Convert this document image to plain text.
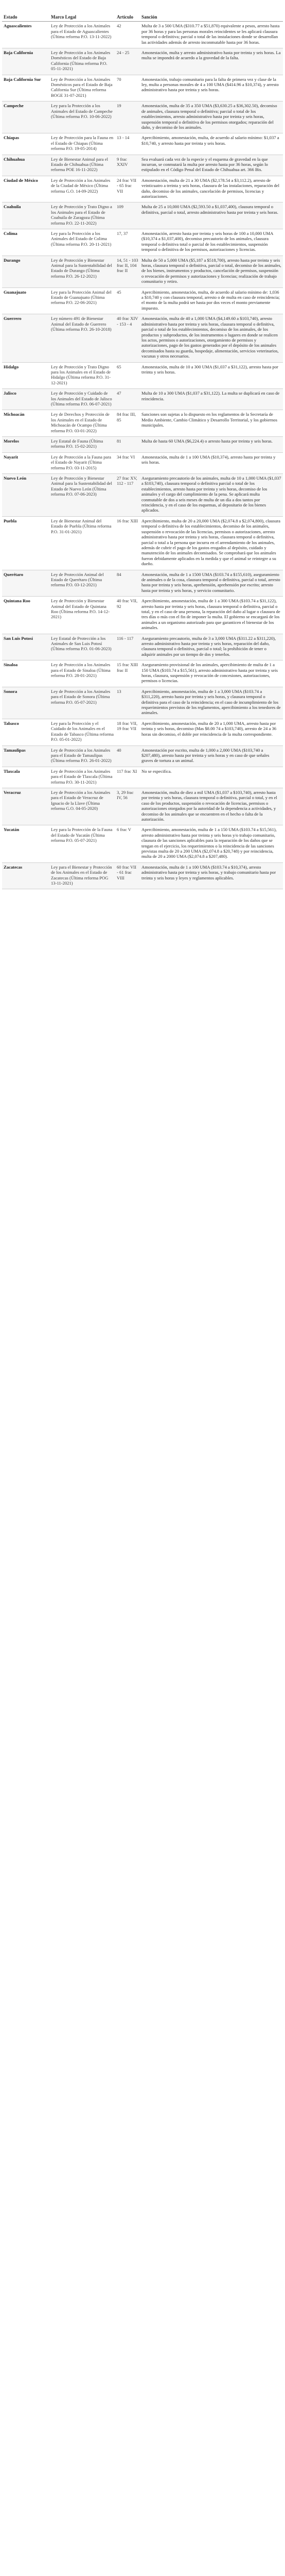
Estado	Marco Legal	Artículo	Sanción
Aguascalientes	Ley de Protección a los Animales para el Estado de Aguascalientes (Última reforma P.O. 13-11-2022)	42	Multa de 3 a 500 UMA ($310.77 a $51,870) equivalente a pesos, arresto hasta por 36 horas y para las personas morales reincidentes se les aplicará clausura temporal o definitiva; parcial o total de las instalaciones donde se desarrollan las actividades además de arresto inconmutable hasta por 36 horas.
Baja California	Ley de Protección a los Animales Domésticos del Estado de Baja California (Última reforma P.O. 05-11-2021)	24 - 25	Amonestación, multa y arresto administrativo hasta por treinta y seis horas. La multa se impondrá de acuerdo a la gravedad de la falta.
Baja California Sur	Ley de Protección a los Animales Domésticos para el Estado de Baja California Sur (Última reforma BOGE 31-07-2021)	70	Amonestación, trabajo comunitario para la falta de primera vez y clase de la ley, multa a personas morales de 4 a 100 UMA ($414.96 a $10,374), y arresto administrativo hasta por treinta y seis horas.
Campeche	Ley para la Protección a los Animales del Estado de Campeche (Última reforma P.O. 10-06-2022)	19	Amonestación, multa de 35 a 350 UMA ($3,630.25 a $36,302.50), decomiso de animales, clausura temporal o definitiva; parcial o total de los establecimientos, arresto administrativo hasta por treinta y seis horas, suspensión temporal o definitiva de los permisos otorgados; reparación del daño, y decomiso de los animales.
Chiapas	Ley de Protección para la Fauna en el Estado de Chiapas (Última reforma P.O. 19-05-2014)	13 - 14	Apercibimiento, amonestación, multa, de acuerdo al salario mínimo: $1,037 a $10,740, y arresto hasta por treinta y seis horas.
Chihuahua	Ley de Bienestar Animal para el Estado de Chihuahua (Última reforma POE 16-11-2022)	9 frac XXIV	Sea evaluará cada vez de la especie y el esquema de gravedad en la que incurran, se conmutará la multa por arresto hasta por 36 horas, según lo estipulado en el Código Penal del Estado de Chihuahua art. 366 Bis.
Ciudad de México	Ley de Protección a los Animales de la Ciudad de México (Última reforma G.O. 14-09-2022)	24 frac VII - 65 frac VII	Amonestación, multa de 21 a 30 UMA ($2,178.54 a $3,112.2), arresto de veinticuatro a treinta y seis horas, clausura de las instalaciones, reparación del daño, decomiso de los animales, cancelación de permisos, licencias y autorizaciones.
Coahuila	Ley de Protección y Trato Digno a los Animales para el Estado de Coahuila de Zaragoza (Última reforma P.O. 22-11-2022)	109	Multa de 25 a 10,000 UMA ($2,593.50 a $1,037,400), clausura temporal o definitiva, parcial o total, arresto administrativo hasta por treinta y seis horas.
Colima	Ley para la Protección a los Animales del Estado de Colima (Última reforma P.O. 20-11-2021)	17, 37	Amonestación, arresto hasta por treinta y seis horas de 100 a 10,000 UMA ($10,374 a $1,037,400), decomiso precautorio de los animales, clausura temporal o definitiva total o parcial de los establecimientos, suspensión temporal o definitiva de los permisos, autorizaciones y licencias.
Durango	Ley de Protección y Bienestar Animal para la Sustentabilidad del Estado de Durango (Última reforma P.O. 26-12-2021)	14, 51 - 103 frac II, 104 frac II	Multa de 50 a 5,000 UMA ($5,187 a $518,700), arresto hasta por treinta y seis horas, clausura temporal o definitiva, parcial o total, decomiso de los animales, de los bienes, instrumentos y productos, cancelación de permisos, suspensión o revocación de permisos y autorizaciones y licencias; realización de trabajo comunitario y retiro.
Guanajuato	Ley para la Protección Animal del Estado de Guanajuato (Última reforma P.O. 22-06-2021)	45	Apercibimiento, amonestación, multa, de acuerdo al salario mínimo de: 1,036 a $10,740 y con clausura temporal, arresto o de multa en caso de reincidencia; el monto de la multa podrá ser hasta por dos veces el monto previamente impuesto.
Guerrero	Ley número 491 de Bienestar Animal del Estado de Guerrero (Última reforma P.O. 26-10-2018)	40 frac XIV - 153 - 4	Amonestación, multa de 40 a 1,000 UMA ($4,149.60 a $103,740), arresto administrativo hasta por treinta y seis horas, clausura temporal o definitiva, parcial o total de los establecimientos, decomiso de los animales, de los productos y subproductos, de los instrumentos o lugares en donde se realicen los actos, permisos o autorizaciones, otorgamiento de permisos y autorizaciones, pago de los gastos generados por el depósito de los animales decomisados hasta su guarda, hospedaje, alimentación, servicios veterinarios, vacunas y otros necesarios.
Hidalgo	Ley de Protección y Trato Digno para los Animales en el Estado de Hidalgo (Última reforma P.O. 31-12-2021)	65	Amonestación, multa de 10 a 300 UMA ($1,037 a $31,122), arresto hasta por treinta y seis horas.
Jalisco	Ley de Protección y Cuidado de los Animales del Estado de Jalisco (Última reforma P.O. 06-07-2021)	47	Multa de 10 a 300 UMA ($1,037 a $31,122). La multa se duplicará en caso de reincidencia.
Michoacán	Ley de Derechos y Protección de los Animales en el Estado de Michoacán de Ocampo (Última reforma P.O. 03-01-2022)	84 frac III, 85	Sanciones son sujetas a lo dispuesto en los reglamentos de la Secretaría de Medio Ambiente, Cambio Climático y Desarrollo Territorial, y los gobiernos municipales.
Morelos	Ley Estatal de Fauna (Última reforma P.O. 15-02-2021)	81	Multa de hasta 60 UMA ($6,224.4) o arresto hasta por treinta y seis horas.
Nayarit	Ley de Protección a la Fauna para el Estado de Nayarit (Última reforma P.O. 03-11-2015)	34 frac VI	Amonestación, multa de 1 a 100 UMA ($10,374), arresto hasta por treinta y seis horas.
Nuevo León	Ley de Protección y Bienestar Animal para la Sustentabilidad del Estado de Nuevo León (Última reforma P.O. 07-06-2023)	27 frac XV, 112 - 117	Aseguramiento precautorio de los animales, multa de 10 a 1,000 UMA ($1,037 a $103,740), clausura temporal o definitiva parcial o total de los establecimientos, arresto hasta por treinta y seis horas, decomiso de los animales y el cargo del cumplimiento de la pena. Se aplicará multa conmutable de dos a seis meses de multa de un día a dos tantos por reincidencia, y en el caso de los esquemas, al depositario de los bienes aplicados.
Puebla	Ley de Bienestar Animal del Estado de Puebla (Última reforma P.O. 31-01-2021)	16 frac XIII	Apercibimiento, multa de 20 a 20,000 UMA ($2,074.8 a $2,074,800), clausura temporal o definitiva de los establecimientos, decomiso de los animales, suspensión o revocación de las licencias, permisos o autorizaciones, arresto administrativo hasta por treinta y seis horas, clausura temporal o definitiva, parcial o total a la persona que incurra en el arrendamiento de los animales, además de cubrir el pago de los gastos erogados al depósito, cuidado y manutención de los animales decomisados. Se comprobará que los animales fueron debidamente aplicados en la medida y que el animal se reintegre a su dueño.
Querétaro	Ley de Protección Animal del Estado de Querétaro (Última reforma P.O. 03-12-2021)	84	Amonestación, multa de 1 a 1500 UMA ($103.74 a $155,610), aseguramiento de animales o de la cosa, clausura temporal o definitiva, parcial o total, arresto hasta por treinta y seis horas, aprehensión, aprehensión por escrito; arresto hasta por treinta y seis horas, y servicio comunitario.
Quintana Roo	Ley de Protección y Bienestar Animal del Estado de Quintana Roo (Última reforma P.O. 14-12-2021)	40 frac VII, 92	Apercibimiento, amonestación, multa de 1 a 300 UMA ($103.74 a $31,122), arresto hasta por treinta y seis horas, clausura temporal o definitiva, parcial o total, y en el caso de una persona, la reparación del daño al lugar o clausura de tres días o más con el fin de imponer la multa. El gobierno se encargará de los animales a un organismo autorizado para que garanticen el bienestar de los animales.
San Luis Potosí	Ley Estatal de Protección a los Animales de San Luis Potosí (Última reforma P.O. 01-06-2023)	116 - 117	Aseguramiento precautorio, multa de 3 a 3,000 UMA ($311.22 a $311,220), arresto administrativo hasta por treinta y seis horas, reparación del daño, clausura temporal o definitiva, parcial o total; la prohibición de tener o adquirir animales por un tiempo de dos y tenerlos.
Sinaloa	Ley de Protección a los Animales para el Estado de Sinaloa (Última reforma P.O. 28-01-2021)	15 frac XIII frac II	Aseguramiento provisional de los animales, apercibimiento de multa de 1 a 150 UMA ($103.74 a $15,561), arresto administrativo hasta por treinta y seis horas, clausura, suspensión y revocación de concesiones, autorizaciones, permisos o licencias.
Sonora	Ley de Protección a los Animales para el Estado de Sonora (Última reforma P.O. 05-07-2021)	13	Apercibimiento, amonestación, multa de 1 a 3,000 UMA ($103.74 a $311,220), arresto hasta por treinta y seis horas, y clausura temporal o definitiva para el caso de la reincidencia; en el caso de incumplimiento de los requerimientos previstos de los reglamentos, apercibimiento a los tenedores de animales.
Tabasco	Ley para la Protección y el Cuidado de los Animales en el Estado de Tabasco (Última reforma P.O. 05-01-2022)	18 frac VII, 19 frac VII	Apercibimiento, amonestación, multa de 20 a 1,000 UMA, arresto hasta por treinta y seis horas, decomiso (Mas $8.00 74 a $103,740), arresto de 24 a 36 horas sin decomiso, el doble por reincidencia de la multa correspondiente.
Tamaulipas	Ley de Protección a los Animales para el Estado de Tamaulipas (Última reforma P.O. 26-01-2022)	40	Amonestación por escrito, multa de 1,000 a 2,000 UMA ($103,740 a $207,480), arresto hasta por treinta y seis horas y en caso de que señales graves de tortura a un animal.
Tlaxcala	Ley de Protección a los Animales para el Estado de Tlaxcala (Última reforma P.O. 30-11-2021)	117 frac XI	No se especifica.
Veracruz	Ley de Protección a los Animales para el Estado de Veracruz de Ignacio de la Llave (Última reforma G.O. 04-05-2020)	3, 29 frac IV, 56	Amonestación, multa de diez a mil UMA ($1,037 a $103,740), arresto hasta por treinta y seis horas, clausura temporal o definitiva, parcial o total, y en el caso de los productos, suspensión o revocación de licencias, permisos o autorizaciones otorgados por la autoridad de la dependencia a actividades, y decomiso de los animales que se encuentren en el hecho o falta de la autorización.
Yucatán	Ley para la Protección de la Fauna del Estado de Yucatán (Última reforma P.O. 05-07-2021)	6 frac V	Apercibimiento, amonestación, multa de 1 a 150 UMA ($103.74 a $15,561), arresto administrativo hasta por treinta y seis horas y/o trabajo comunitario, clausura de las sanciones aplicables para la reparación de los daños que se tengan en el ejercicio, los requerimientos o la reincidencia de las sanciones previstas multa de 20 a 200 UMA ($2,074.8 a $20,748) y por reincidencia, multa de 20 a 2000 UMA ($2,074.8 a $207,480).
Zacatecas	Ley para el Bienestar y Protección de los Animales en el Estado de Zacatecas (Última reforma POG 13-11-2021)	60 frac VII - 61 frac VIII	Amonestación, multa de 1 a 100 UMA ($103.74 a $10,374), arresto administrativo hasta por treinta y seis horas, y trabajo comunitario hasta por treinta y seis horas y leyes y reglamentos aplicables.
